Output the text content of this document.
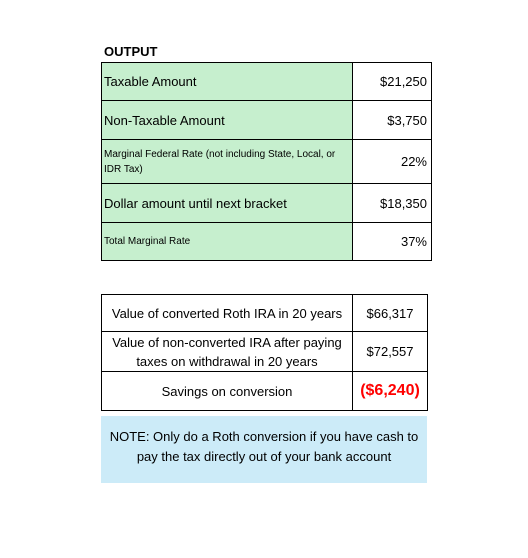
OUTPUT
Taxable Amount	$21,250
Non-Taxable Amount	$3,750
Marginal Federal Rate (not including State, Local, or IDR Tax)	22%
Dollar amount until next bracket	$18,350
Total Marginal Rate	37%
Value of converted Roth IRA in 20 years	$66,317
Value of non-converted IRA after paying taxes on withdrawal in 20 years	$72,557
Savings on conversion	($6,240)
NOTE: Only do a Roth conversion if you have cash to pay the tax directly out of your bank account
